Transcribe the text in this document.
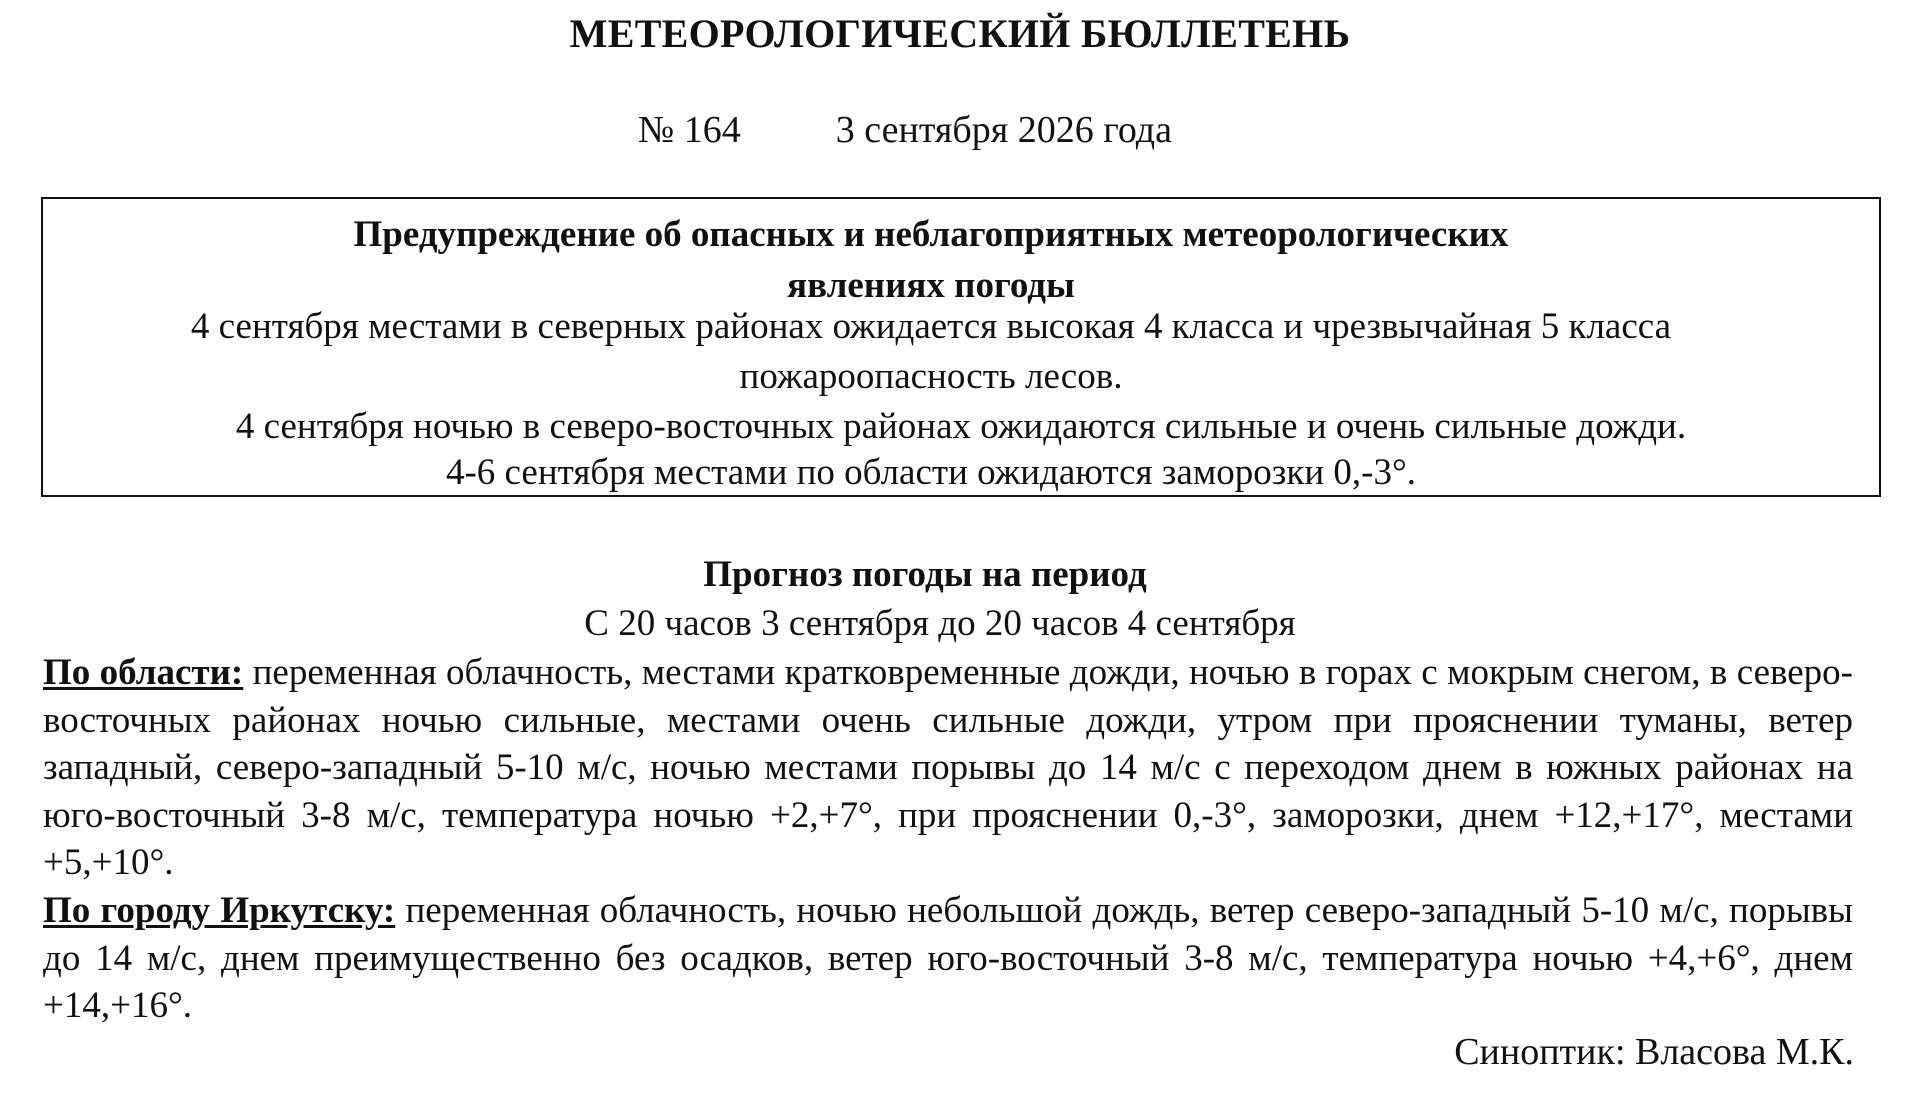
МЕТЕОРОЛОГИЧЕСКИЙ БЮЛЛЕТЕНЬ
№ 164	3 сентября 2026 года
Предупреждение об опасных и неблагоприятных метеорологических
явлениях погоды
4 сентября местами в северных районах ожидается высокая 4 класса и чрезвычайная 5 класса
пожароопасность лесов.
4 сентября ночью в северо-восточных районах ожидаются сильные и очень сильные дожди.
4-6 сентября местами по области ожидаются заморозки 0,-3°.
Прогноз погоды на период
С 20 часов 3 сентября до 20 часов 4 сентября

По области: переменная облачность, местами кратковременные дожди, ночью в горах с мокрым снегом, в северо-восточных районах ночью сильные, местами очень сильные дожди, утром при прояснении туманы, ветер западный, северо-западный 5-10 м/с, ночью местами порывы до 14 м/с с переходом днем в южных районах на юго-восточный 3-8 м/с, температура ночью +2,+7°, при прояснении 0,-3°, заморозки, днем +12,+17°, местами +5,+10°.

По городу Иркутску: переменная облачность, ночью небольшой дождь, ветер северо-западный 5-10 м/с, порывы до 14 м/с, днем преимущественно без осадков, ветер юго-восточный 3-8 м/с, температура ночью +4,+6°, днем +14,+16°.

Синоптик: Власова М.К.
